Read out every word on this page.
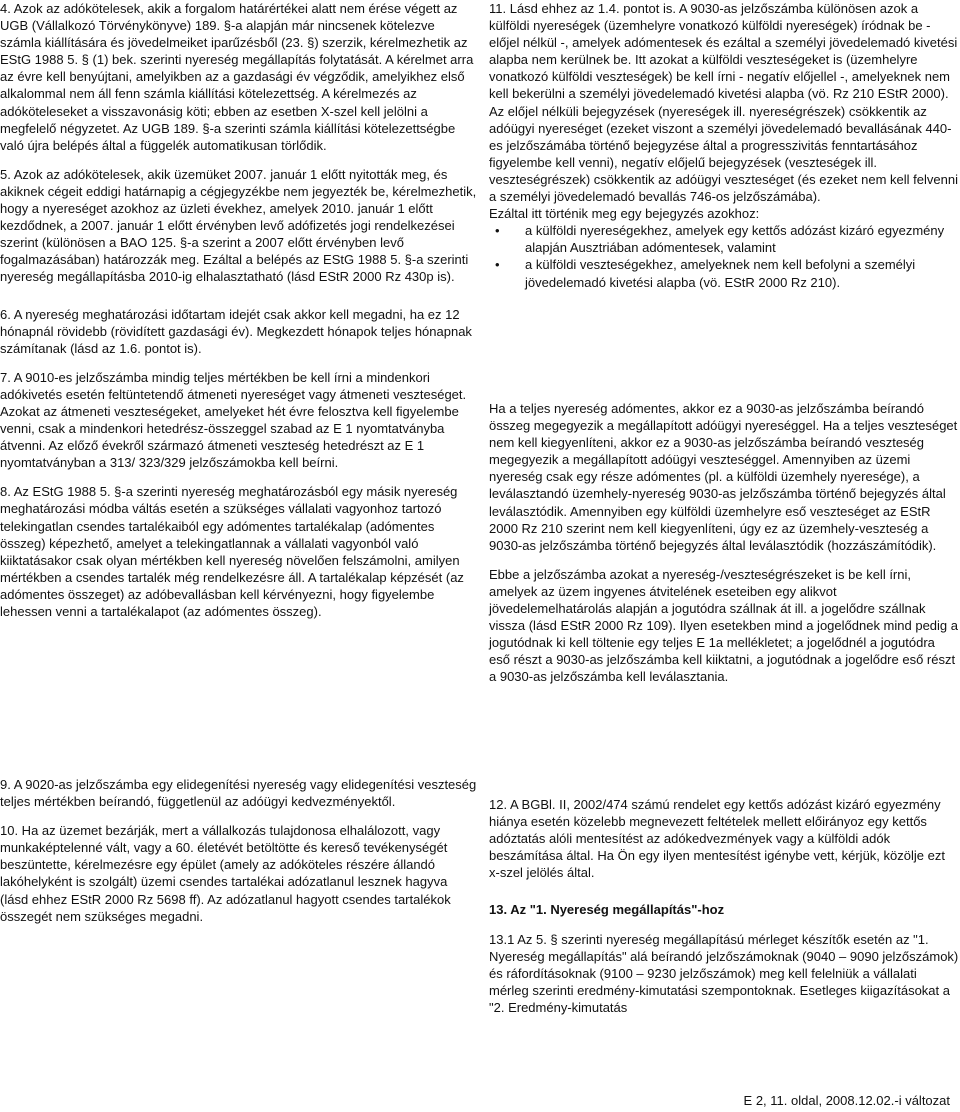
4. Azok az adókötelesek, akik a forgalom határértékei alatt nem érése végett az UGB (Vállalkozó Törvénykönyve) 189. §-a alapján már nincsenek kötelezve számla kiállítására és jövedelmeiket iparűzésből (23. §) szerzik, kérelmezhetik az EStG 1988 5. § (1) bek. szerinti nyereség megállapítás folytatását. A kérelmet arra az évre kell benyújtani, amelyikben az a gazdasági év végződik, amelyikhez első alkalommal nem áll fenn számla kiállítási kötelezettség. A kérelmezés az adóköteleseket a visszavonásig köti; ebben az esetben X-szel kell jelölni a megfelelő négyzetet. Az UGB 189. §-a szerinti számla kiállítási kötelezettségbe való újra belépés által a függelék automatikusan törlődik.

5. Azok az adókötelesek, akik üzemüket 2007. január 1 előtt nyitották meg, és akiknek cégeit eddigi határnapig a cégjegyzékbe nem jegyezték be, kérelmezhetik, hogy a nyereséget azokhoz az üzleti évekhez, amelyek 2010. január 1 előtt kezdődnek, a 2007. január 1 előtt érvényben levő adófizetés jogi rendelkezései szerint (különösen a BAO 125. §-a szerint a 2007 előtt érvényben levő fogalmazásában) határozzák meg. Ezáltal a belépés az EStG 1988 5. §-a szerinti nyereség megállapításba 2010-ig elhalasztatható (lásd EStR 2000 Rz 430p is).

6. A nyereség meghatározási időtartam idejét csak akkor kell megadni, ha ez 12 hónapnál rövidebb (rövidített gazdasági év). Megkezdett hónapok teljes hónapnak számítanak (lásd az 1.6. pontot is).

7. A 9010-es jelzőszámba mindig teljes mértékben be kell írni a mindenkori adókivetés esetén feltüntetendő átmeneti nyereséget vagy átmeneti veszteséget. Azokat az átmeneti veszteségeket, amelyeket hét évre felosztva kell figyelembe venni, csak a mindenkori hetedrész-összeggel szabad az E 1 nyomtatványba átvenni. Az előző évekről származó átmeneti veszteség hetedrészt az E 1 nyomtatványban a 313/ 323/329 jelzőszámokba kell beírni.

8. Az EStG 1988 5. §-a szerinti nyereség meghatározásból egy másik nyereség meghatározási módba váltás esetén a szükséges vállalati vagyonhoz tartozó telekingatlan csendes tartalékaiból egy adómentes tartalékalap (adómentes összeg) képezhető, amelyet a telekingatlannak a vállalati vagyonból való kiiktatásakor csak olyan mértékben kell nyereség növelően felszámolni, amilyen mértékben a csendes tartalék még rendelkezésre áll. A tartalékalap képzését (az adómentes összeget) az adóbevallásban kell kérvényezni, hogy figyelembe lehessen venni a tartalékalapot (az adómentes összeg).

9. A 9020-as jelzőszámba egy elidegenítési nyereség vagy elidegenítési veszteség teljes mértékben beírandó, függetlenül az adóügyi kedvezményektől.

10. Ha az üzemet bezárják, mert a vállalkozás tulajdonosa elhalálozott, vagy munkaképtelenné vált, vagy a 60. életévét betöltötte és kereső tevékenységét beszüntette, kérelmezésre egy épület (amely az adóköteles részére állandó lakóhelyként is szolgált) üzemi csendes tartalékai adózatlanul lesznek hagyva (lásd ehhez EStR 2000 Rz 5698 ff). Az adózatlanul hagyott csendes tartalékok összegét nem szükséges megadni.

11. Lásd ehhez az 1.4. pontot is. A 9030-as jelzőszámba különösen azok a külföldi nyereségek (üzemhelyre vonatkozó külföldi nyereségek) íródnak be - előjel nélkül -, amelyek adómentesek és ezáltal a személyi jövedelemadó kivetési alapba nem kerülnek be. Itt azokat a külföldi veszteségeket is (üzemhelyre vonatkozó külföldi veszteségek) be kell írni - negatív előjellel -, amelyeknek nem kell bekerülni a személyi jövedelemadó kivetési alapba (vö. Rz 210 EStR 2000).

Az előjel nélküli bejegyzések (nyereségek ill. nyereségrészek) csökkentik az adóügyi nyereséget (ezeket viszont a személyi jövedelemadó bevallásának 440-es jelzőszámába történő bejegyzése által a progresszivitás fenntartásához figyelembe kell venni), negatív előjelű bejegyzések (veszteségek ill. veszteségrészek) csökkentik az adóügyi veszteséget (és ezeket nem kell felvenni a személyi jövedelemadó bevallás 746-os jelzőszámába).

Ezáltal itt történik meg egy bejegyzés azokhoz:

• a külföldi nyereségekhez, amelyek egy kettős adózást kizáró egyezmény alapján Ausztriában adómentesek, valamint
• a külföldi veszteségekhez, amelyeknek nem kell befolyni a személyi jövedelemadó kivetési alapba (vö. EStR 2000 Rz 210).

Ha a teljes nyereség adómentes, akkor ez a 9030-as jelzőszámba beírandó összeg megegyezik a megállapított adóügyi nyereséggel. Ha a teljes veszteséget nem kell kiegyenlíteni, akkor ez a 9030-as jelzőszámba beírandó veszteség megegyezik a megállapított adóügyi veszteséggel. Amennyiben az üzemi nyereség csak egy része adómentes (pl. a külföldi üzemhely nyeresége), a leválasztandó üzemhely-nyereség 9030-as jelzőszámba történő bejegyzés által leválasztódik. Amennyiben egy külföldi üzemhelyre eső veszteséget az EStR 2000 Rz 210 szerint nem kell kiegyenlíteni, úgy ez az üzemhely-veszteség a 9030-as jelzőszámba történő bejegyzés által leválasztódik (hozzászámítódik).

Ebbe a jelzőszámba azokat a nyereség-/veszteségrészeket is be kell írni, amelyek az üzem ingyenes átvitelének eseteiben egy alikvot jövedelemelhatárolás alapján a jogutódra szállnak át ill. a jogelődre szállnak vissza (lásd EStR 2000 Rz 109). Ilyen esetekben mind a jogelődnek mind pedig a jogutódnak ki kell töltenie egy teljes E 1a mellékletet; a jogelődnél a jogutódra eső részt a 9030-as jelzőszámba kell kiiktatni, a jogutódnak a jogelődre eső részt a 9030-as jelzőszámba kell leválasztania.

12. A BGBl. II, 2002/474 számú rendelet egy kettős adózást kizáró egyezmény hiánya esetén közelebb megnevezett feltételek mellett előirányoz egy kettős adóztatás alóli mentesítést az adókedvezmények vagy a külföldi adók beszámítása által. Ha Ön egy ilyen mentesítést igénybe vett, kérjük, közölje ezt x-szel jelölés által.

13. Az "1. Nyereség megállapítás"-hoz

13.1 Az 5. § szerinti nyereség megállapítású mérleget készítők esetén az "1. Nyereség megállapítás" alá beírandó jelzőszámoknak (9040 – 9090 jelzőszámok) és ráfordításoknak (9100 – 9230 jelzőszámok) meg kell felelniük a vállalati mérleg szerinti eredmény-kimutatási szempontoknak. Esetleges kiigazításokat a "2. Eredmény-kimutatás

E 2, 11. oldal, 2008.12.02.-i változat
